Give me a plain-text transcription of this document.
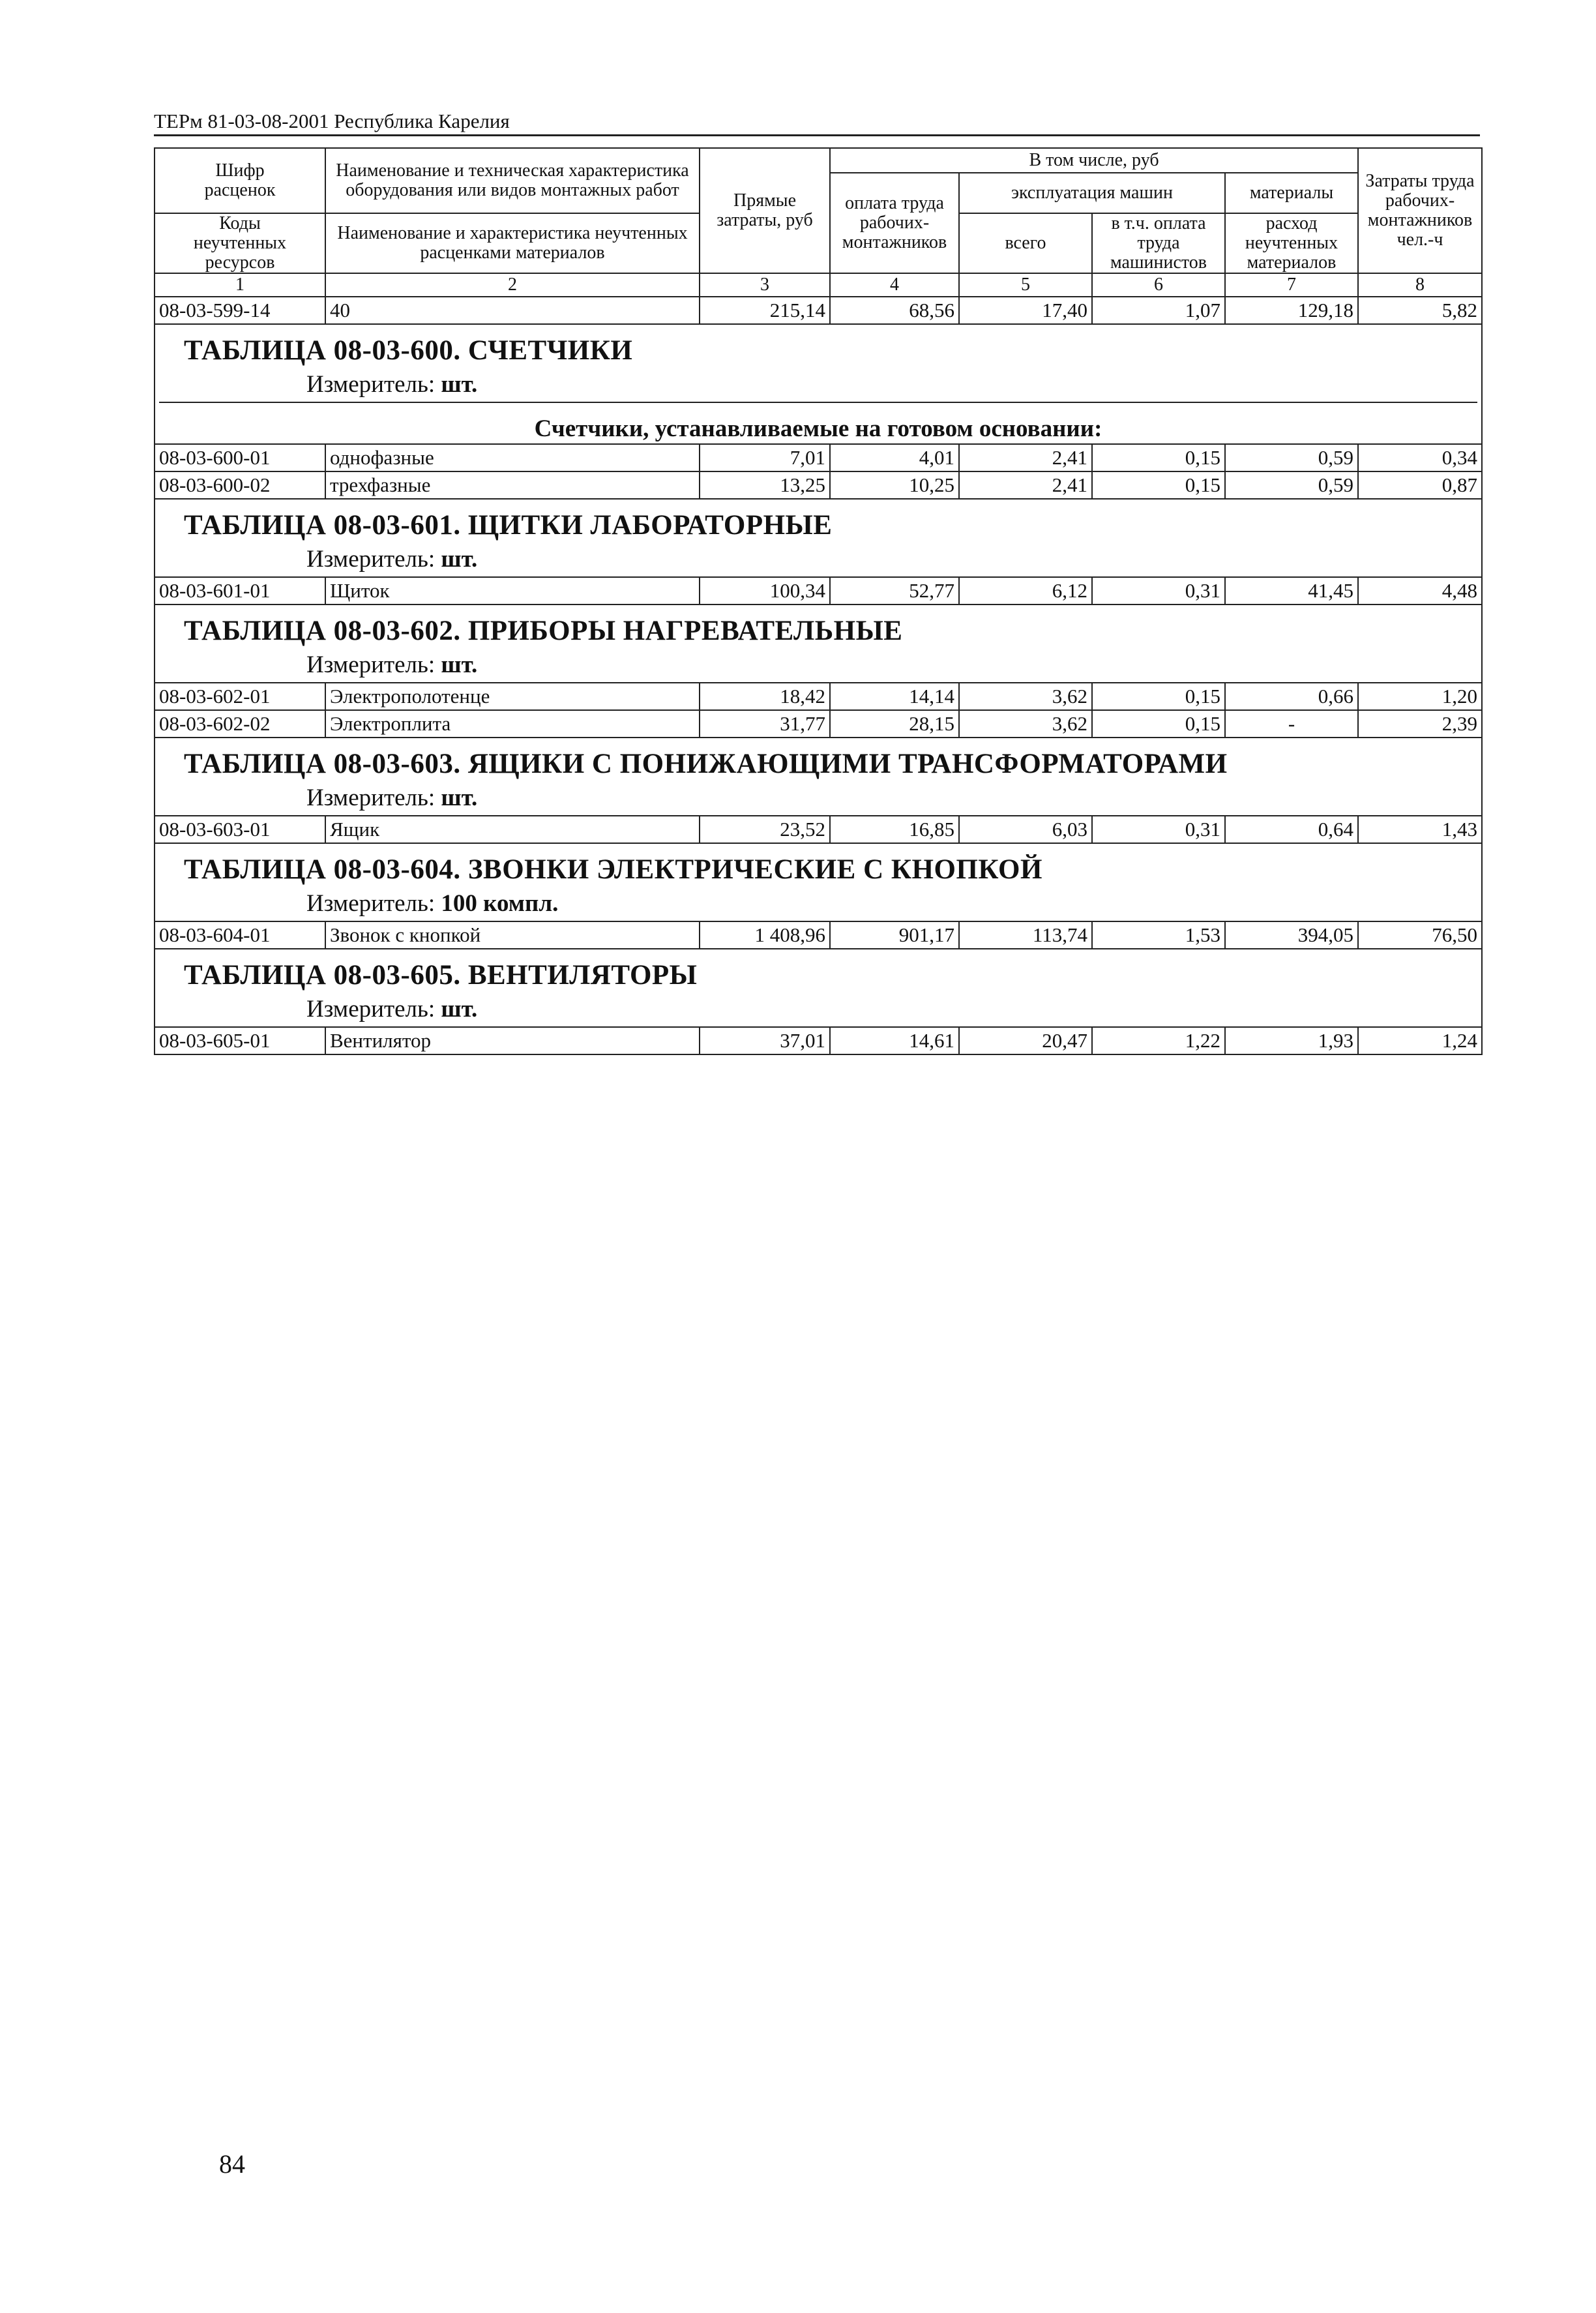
ТЕРм 81-03-08-2001 Республика Карелия
Шифр расценок	Наименование и техническая характеристика оборудования или видов монтажных работ	Прямые затраты, руб	В том числе, руб				Затраты труда рабочих-монтажников чел.-ч
			оплата труда рабочих-монтажников	эксплуатация машин		материалы	
Коды неучтенных ресурсов	Наименование и характеристика неучтенных расценками материалов			всего	в т.ч. оплата труда машинистов	расход неучтенных материалов	

1	2	3	4	5	6	7	8
08-03-599-14	40	215,14	68,56	17,40	1,07	129,18	5,82

ТАБЛИЦА 08-03-600. СЧЕТЧИКИ
Измеритель: шт.
Счетчики, устанавливаемые на готовом основании:							

08-03-600-01	однофазные	7,01	4,01	2,41	0,15	0,59	0,34
08-03-600-02	трехфазные	13,25	10,25	2,41	0,15	0,59	0,87

ТАБЛИЦА 08-03-601. ЩИТКИ ЛАБОРАТОРНЫЕ
Измеритель: шт.							

08-03-601-01	Щиток	100,34	52,77	6,12	0,31	41,45	4,48

ТАБЛИЦА 08-03-602. ПРИБОРЫ НАГРЕВАТЕЛЬНЫЕ
Измеритель: шт.							

08-03-602-01	Электрополотенце	18,42	14,14	3,62	0,15	0,66	1,20
08-03-602-02	Электроплита	31,77	28,15	3,62	0,15	-	2,39

ТАБЛИЦА 08-03-603. ЯЩИКИ С ПОНИЖАЮЩИМИ ТРАНСФОРМАТОРАМИ
Измеритель: шт.							

08-03-603-01	Ящик	23,52	16,85	6,03	0,31	0,64	1,43

ТАБЛИЦА 08-03-604. ЗВОНКИ ЭЛЕКТРИЧЕСКИЕ С КНОПКОЙ
Измеритель: 100 компл.							

08-03-604-01	Звонок с кнопкой	1 408,96	901,17	113,74	1,53	394,05	76,50

ТАБЛИЦА 08-03-605. ВЕНТИЛЯТОРЫ
Измеритель: шт.							

08-03-605-01	Вентилятор	37,01	14,61	20,47	1,22	1,93	1,24
84
